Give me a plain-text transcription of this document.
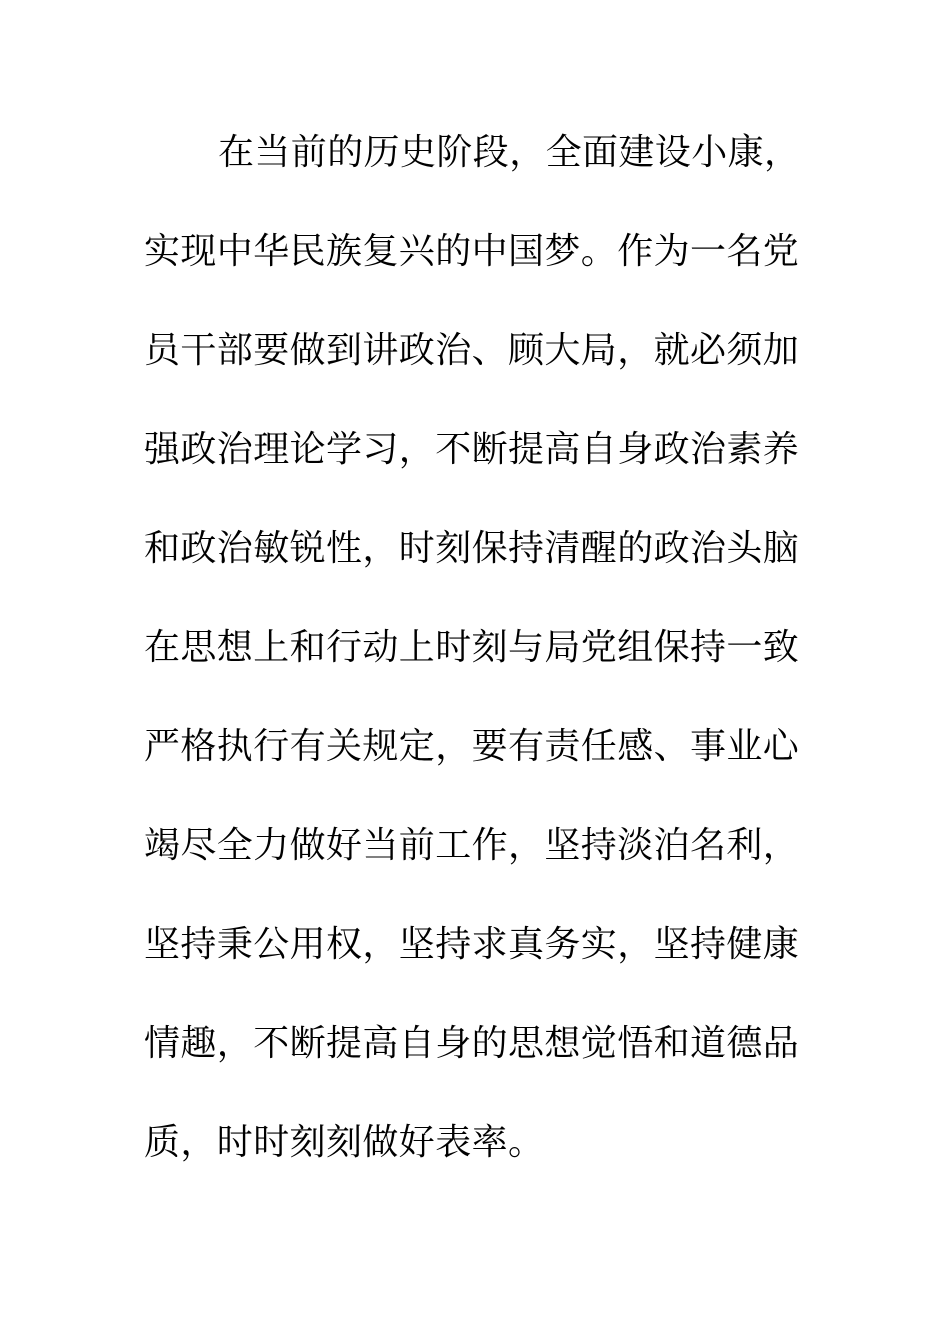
在当前的历史阶段，全面建设小康，
实现中华民族复兴的中国梦。作为一名党
员干部要做到讲政治、顾大局，就必须加
强政治理论学习，不断提高自身政治素养
和政治敏锐性，时刻保持清醒的政治头脑
在思想上和行动上时刻与局党组保持一致
严格执行有关规定，要有责任感、事业心
竭尽全力做好当前工作，坚持淡泊名利，
坚持秉公用权，坚持求真务实，坚持健康
情趣，不断提高自身的思想觉悟和道德品
质，时时刻刻做好表率。
